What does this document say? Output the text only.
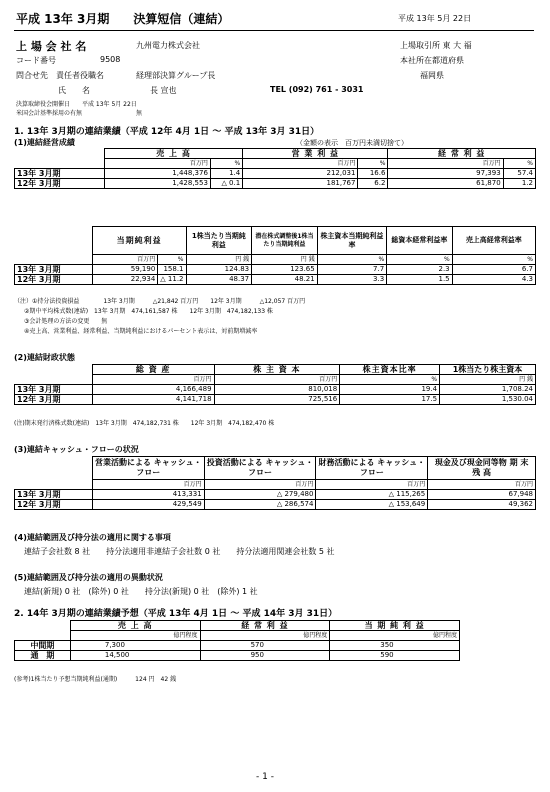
平成 13年 3月期　　決算短信（連結）	平成 13年 5月 22日
上 場 会 社 名	九州電力株式会社	上場取引所 東 大 福
コード番号	9508	本社所在都道府県
問合せ先　責任者役職名	経理部決算グループ長	福岡県
氏　　名	長 宣也	TEL (092) 761 - 3031
決算取締役会開催日　　平成 13年 5月 22日
米国会計基準採用の有無	無
1. 13年 3月期の連結業績（平成 12年 4月 1日 ～ 平成 13年 3月 31日）
(1)連結経営成績	（金額の表示　百万円未満切捨て）
	売 上 高		営 業 利 益		経 常 利 益	
	百万円	%	百万円	%	百万円	%
13年 3月期	1,448,376	1.4	212,031	16.6	97,393	57.4
12年 3月期	1,428,553	△ 0.1	181,767	6.2	61,870	1.2
	当期純利益		1株当たり当期純利益	潜在株式調整後1株当たり当期純利益	株主資本当期純利益率	総資本経常利益率	売上高経常利益率
	百万円	%	円 銭	円 銭	%	%	%
13年 3月期	59,190	158.1	124.83	123.65	7.7	2.3	6.7
12年 3月期	22,934	△ 11.2	48.37	48.21	3.3	1.5	4.3
（注）①持分法投資損益　　　　13年 3月期　　　△21,842 百万円　　12年 3月期　　　△12,057 百万円
②期中平均株式数(連結)　13年 3月期　474,161,587 株　　12年 3月期　474,182,133 株
③会計処理の方法の変更　　無
④売上高、営業利益、経常利益、当期純利益におけるパーセント表示は、対前期増減率
(2)連結財政状態
	総 資 産	株 主 資 本	株主資本比率	1株当たり株主資本
	百万円	百万円	%	円 銭
13年 3月期	4,166,489	810,018	19.4	1,708.24
12年 3月期	4,141,718	725,516	17.5	1,530.04
(注)期末発行済株式数(連結)　13年 3月期　474,182,731 株　　12年 3月期　474,182,470 株
(3)連結キャッシュ・フローの状況
	営業活動による キャッシュ・フロー	投資活動による キャッシュ・フロー	財務活動による キャッシュ・フロー	現金及び現金同等物 期 末 残 高
	百万円	百万円	百万円	百万円
13年 3月期	413,331	△ 279,480	△ 115,265	67,948
12年 3月期	429,549	△ 286,574	△ 153,649	49,362
(4)連結範囲及び持分法の適用に関する事項
連結子会社数 8 社　　持分法適用非連結子会社数 0 社　　持分法適用関連会社数 5 社
(5)連結範囲及び持分法の適用の異動状況
連結(新規) 0 社　(除外) 0 社　　持分法(新規) 0 社　(除外) 1 社
2. 14年 3月期の連結業績予想（平成 13年 4月 1日 ～ 平成 14年 3月 31日）
	売 上 高	経 常 利 益	当 期 純 利 益
	億円程度	億円程度	億円程度
中間期	7,300	570	350
通　期	14,500	950	590
(参考)1株当たり予想当期純利益(通期)　　　124 円　42 銭
- 1 -
